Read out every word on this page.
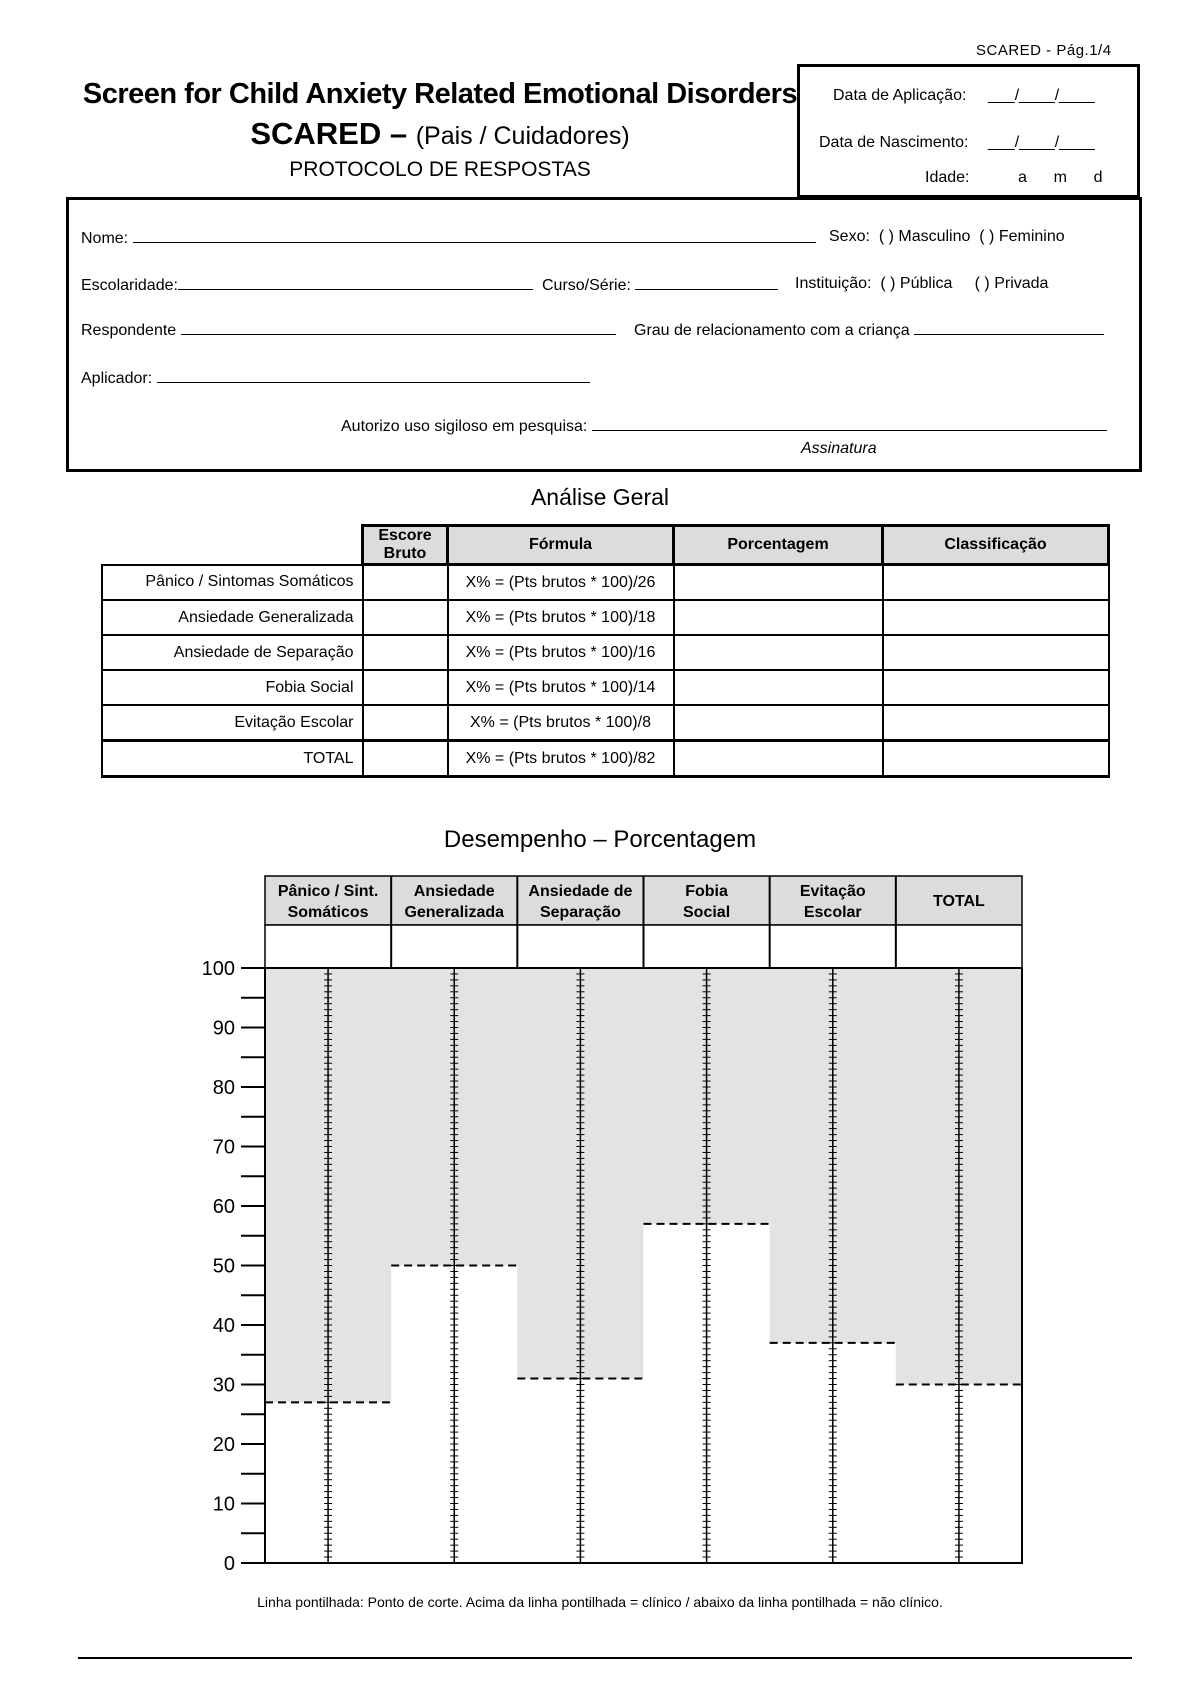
SCARED - Pág.1/4
Screen for Child Anxiety Related Emotional Disorders
SCARED – (Pais / Cuidadores)
PROTOCOLO DE RESPOSTAS
Data de Aplicação: ___/____/____
Data de Nascimento: ___/____/____
Idade:	a      m      d
Nome:	Sexo: ( ) Masculino ( ) Feminino
Escolaridade:	Curso/Série:	Instituição: ( ) Pública ( ) Privada
Respondente	Grau de relacionamento com a criança
Aplicador:
Autorizo uso sigiloso em pesquisa:
Assinatura
Análise Geral
	Escore Bruto	Fórmula	Porcentagem	Classificação
Pânico / Sintomas Somáticos		X% = (Pts brutos * 100)/26		
Ansiedade Generalizada		X% = (Pts brutos * 100)/18		
Ansiedade de Separação		X% = (Pts brutos * 100)/16		
Fobia Social		X% = (Pts brutos * 100)/14		
Evitação Escolar		X% = (Pts brutos * 100)/8		
TOTAL		X% = (Pts brutos * 100)/82		
Desempenho – Porcentagem
Pânico / Sint. Somáticos
Ansiedade Generalizada
Ansiedade de Separação
Fobia Social
Evitação Escolar
TOTAL
0
10
20
30
40
50
60
70
80
90
100
Linha pontilhada: Ponto de corte. Acima da linha pontilhada = clínico / abaixo da linha pontilhada = não clínico.
